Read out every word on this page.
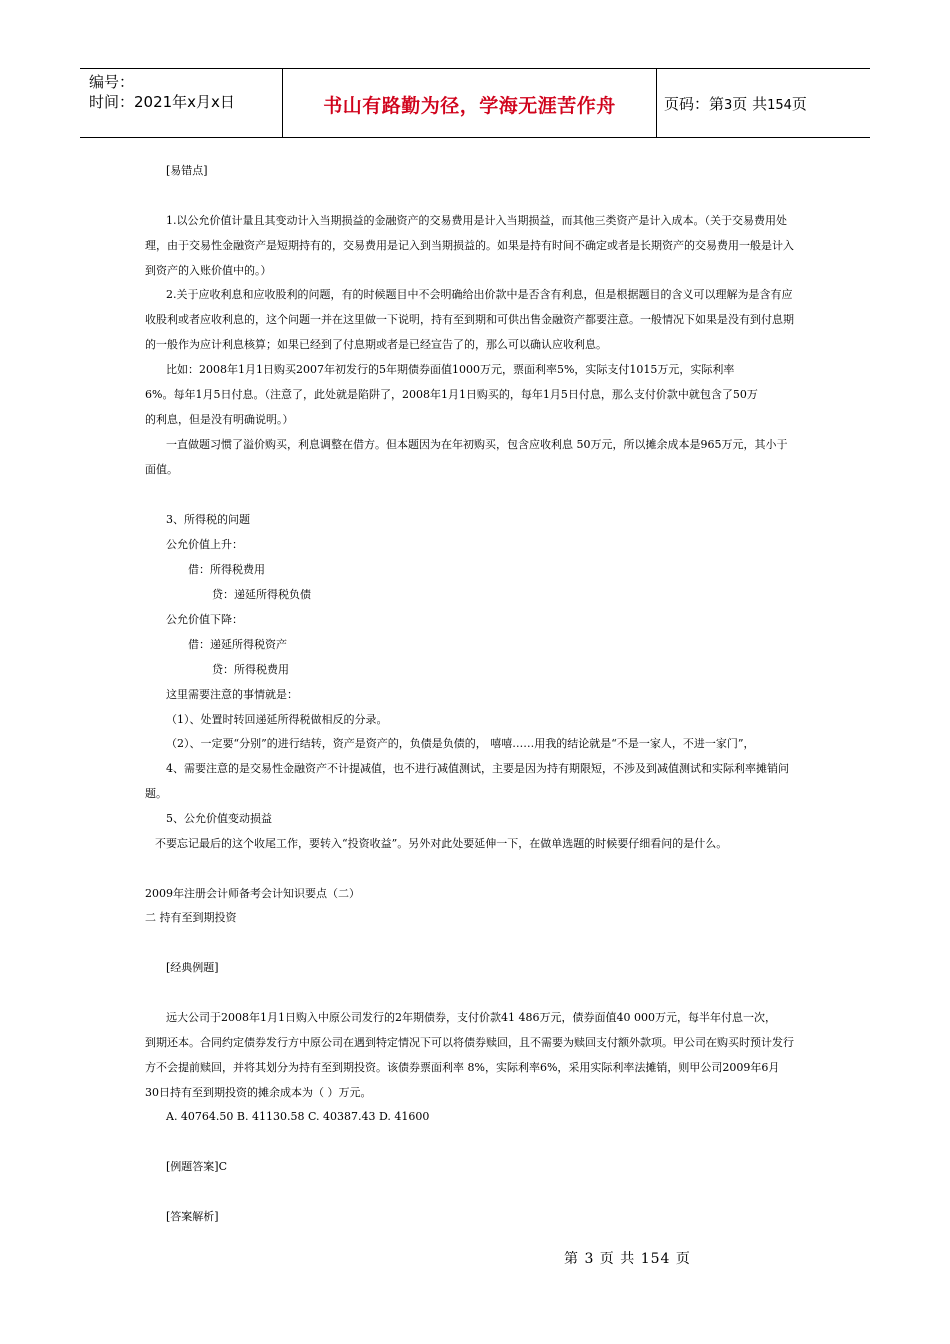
编号：
时间：2021年x月x日	书山有路勤为径，学海无涯苦作舟	页码：第3页 共154页
[易错点]
1.以公允价值计量且其变动计入当期损益的金融资产的交易费用是计入当期损益，而其他三类资产是计入成本。（关于交易费用处
理，由于交易性金融资产是短期持有的，交易费用是记入到当期损益的。如果是持有时间不确定或者是长期资产的交易费用一般是计入
到资产的入账价值中的。）
2.关于应收利息和应收股利的问题，有的时候题目中不会明确给出价款中是否含有利息，但是根据题目的含义可以理解为是含有应
收股利或者应收利息的，这个问题一并在这里做一下说明，持有至到期和可供出售金融资产都要注意。一般情况下如果是没有到付息期
的一般作为应计利息核算；如果已经到了付息期或者是已经宣告了的，那么可以确认应收利息。
比如：2008年1月1日购买2007年初发行的5年期债券面值1000万元，票面利率5%，实际支付1015万元，实际利率
6%。每年1月5日付息。（注意了，此处就是陷阱了，2008年1月1日购买的，每年1月5日付息，那么支付价款中就包含了50万
的利息，但是没有明确说明。）
一直做题习惯了溢价购买，利息调整在借方。但本题因为在年初购买，包含应收利息 50万元，所以摊余成本是965万元，其小于
面值。
3、所得税的问题
公允价值上升：
借：所得税费用
贷：递延所得税负债
公允价值下降：
借：递延所得税资产
贷：所得税费用
这里需要注意的事情就是：
（1）、处置时转回递延所得税做相反的分录。
（2）、一定要“分别”的进行结转，资产是资产的，负债是负债的， 嘻嘻……用我的结论就是“不是一家人，不进一家门”，
4、需要注意的是交易性金融资产不计提减值，也不进行减值测试，主要是因为持有期限短，不涉及到减值测试和实际利率摊销问
题。
5、公允价值变动损益
不要忘记最后的这个收尾工作，要转入“投资收益”。另外对此处要延伸一下，在做单选题的时候要仔细看问的是什么。
2009年注册会计师备考会计知识要点（二）
二 持有至到期投资
[经典例题]
远大公司于2008年1月1日购入中原公司发行的2年期债券，支付价款41 486万元，债券面值40 000万元，每半年付息一次，
到期还本。合同约定债券发行方中原公司在遇到特定情况下可以将债券赎回，且不需要为赎回支付额外款项。甲公司在购买时预计发行
方不会提前赎回，并将其划分为持有至到期投资。该债券票面利率 8%，实际利率6%，采用实际利率法摊销，则甲公司2009年6月
30日持有至到期投资的摊余成本为（ ）万元。
A. 40764.50 B. 41130.58 C. 40387.43 D. 41600
[例题答案]C
[答案解析]
第 3 页 共 154 页
